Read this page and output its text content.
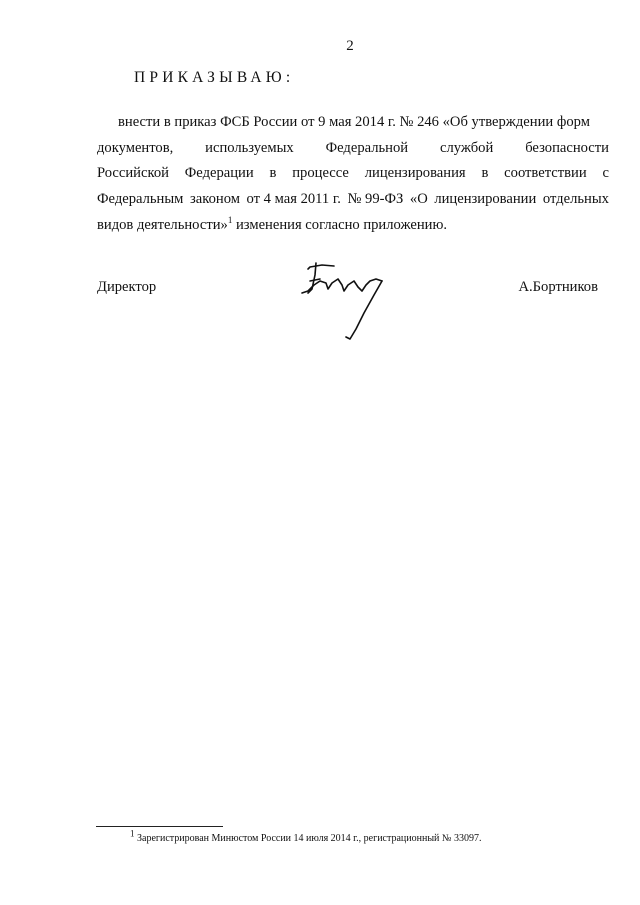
2
ПРИКАЗЫВАЮ:
внести в приказ ФСБ России от 9 мая 2014 г. № 246 «Об утверждении форм
документов, используемых Федеральной службой безопасности
Российской Федерации в процессе лицензирования в соответствии с
Федеральным законом от 4 мая 2011 г. № 99-ФЗ «О лицензировании отдельных
видов деятельности»$^1$ изменения согласно приложению.
Директор	А.Бортников
1 Зарегистрирован Минюстом России 14 июля 2014 г., регистрационный № 33097.
